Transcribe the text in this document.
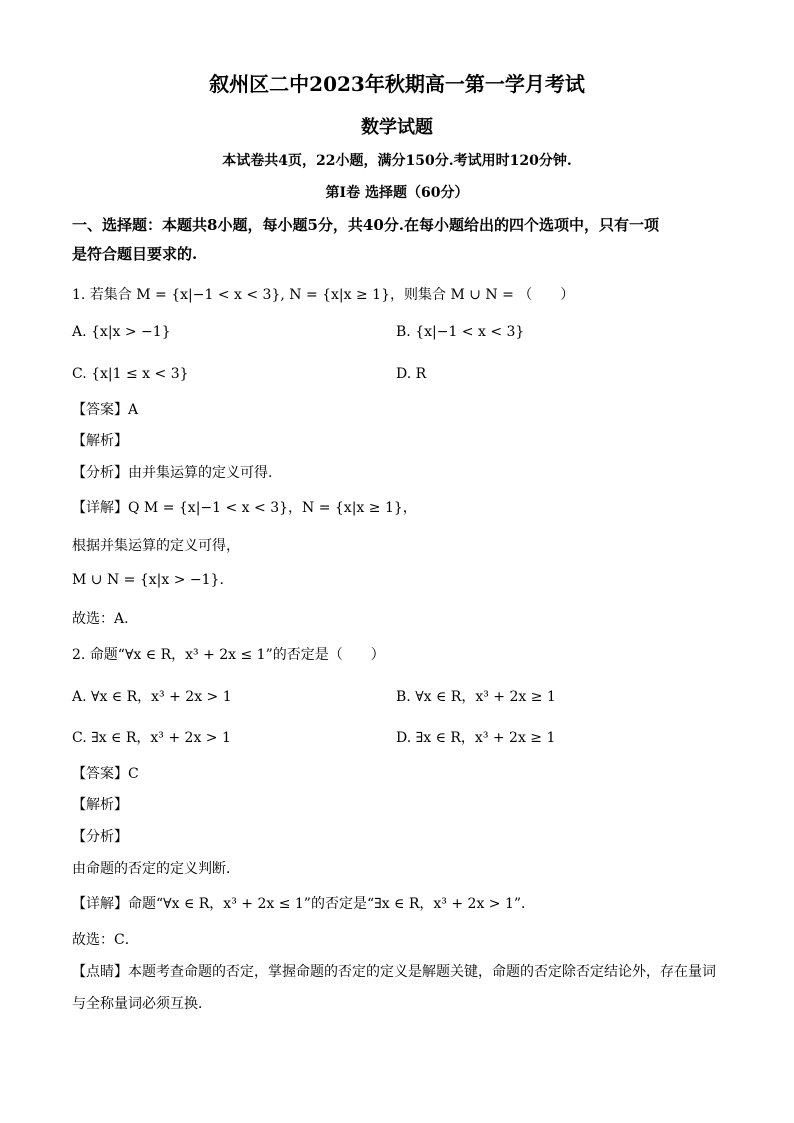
叙州区二中2023年秋期高一第一学月考试
数学试题
本试卷共4页，22小题，满分150分.考试用时120分钟.
第I卷 选择题（60分）
一、选择题：本题共8小题，每小题5分，共40分.在每小题给出的四个选项中，只有一项
是符合题目要求的.
1. 若集合 M = {x|−1 < x < 3}, N = {x|x ≥ 1}，则集合 M ∪ N = （　　）
A. {x|x > −1}	B. {x|−1 < x < 3}
C. {x|1 ≤ x < 3}	D. R
【答案】A
【解析】
【分析】由并集运算的定义可得.
【详解】Q M = {x|−1 < x < 3}，N = {x|x ≥ 1}，
根据并集运算的定义可得，
M ∪ N = {x|x > −1}.
故选：A.
2. 命题“∀x ∈ R，x³ + 2x ≤ 1”的否定是（　　）
A. ∀x ∈ R，x³ + 2x > 1	B. ∀x ∈ R，x³ + 2x ≥ 1
C. ∃x ∈ R，x³ + 2x > 1	D. ∃x ∈ R，x³ + 2x ≥ 1
【答案】C
【解析】
【分析】
由命题的否定的定义判断．
【详解】命题“∀x ∈ R，x³ + 2x ≤ 1”的否定是“∃x ∈ R，x³ + 2x > 1”．
故选：C．
【点睛】本题考查命题的否定，掌握命题的否定的定义是解题关键，命题的否定除否定结论外，存在量词
与全称量词必须互换．
